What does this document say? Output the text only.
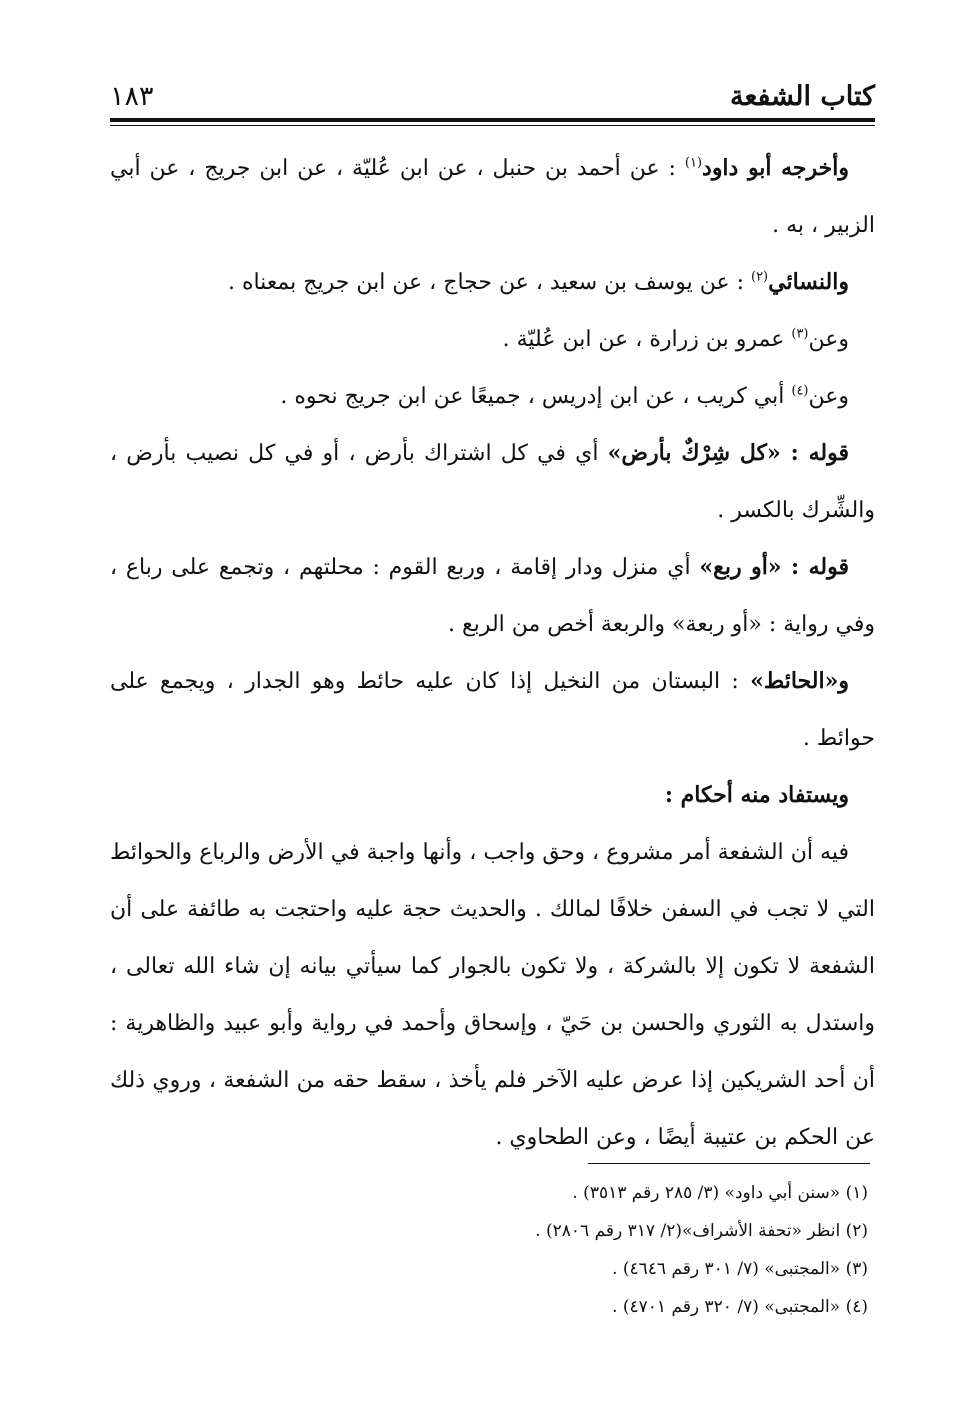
كتاب الشفعة
١٨٣

وأخرجه أبو داود$^{(١)}$ : عن أحمد بن حنبل ، عن ابن عُليّة ، عن ابن جريج ، عن أبي الزبير ، به .

والنسائي$^{(٢)}$ : عن يوسف بن سعيد ، عن حجاج ، عن ابن جريج بمعناه .

وعن$^{(٣)}$ عمرو بن زرارة ، عن ابن عُليّة .

وعن$^{(٤)}$ أبي كريب ، عن ابن إدريس ، جميعًا عن ابن جريج نحوه .

قوله : «كل شِرْكٌ بأرض» أي في كل اشتراك بأرض ، أو في كل نصيب بأرض ، والشِّرك بالكسر .

قوله : «أو ربع» أي منزل ودار إقامة ، وربع القوم : محلتهم ، وتجمع على رباع ، وفي رواية : «أو ربعة» والربعة أخص من الربع .

و«الحائط» : البستان من النخيل إذا كان عليه حائط وهو الجدار ، ويجمع على حوائط .

ويستفاد منه أحكام :

فيه أن الشفعة أمر مشروع ، وحق واجب ، وأنها واجبة في الأرض والرباع والحوائط التي لا تجب في السفن خلافًا لمالك . والحديث حجة عليه واحتجت به طائفة على أن الشفعة لا تكون إلا بالشركة ، ولا تكون بالجوار كما سيأتي بيانه إن شاء الله تعالى ، واستدل به الثوري والحسن بن حَيّ ، وإسحاق وأحمد في رواية وأبو عبيد والظاهرية : أن أحد الشريكين إذا عرض عليه الآخر فلم يأخذ ، سقط حقه من الشفعة ، وروي ذلك عن الحكم بن عتيبة أيضًا ، وعن الطحاوي .

(١) «سنن أبي داود» (٣/ ٢٨٥ رقم ٣٥١٣) .

(٢) انظر «تحفة الأشراف»(٢/ ٣١٧ رقم ٢٨٠٦) .

(٣) «المجتبى» (٧/ ٣٠١ رقم ٤٦٤٦) .

(٤) «المجتبى» (٧/ ٣٢٠ رقم ٤٧٠١) .
